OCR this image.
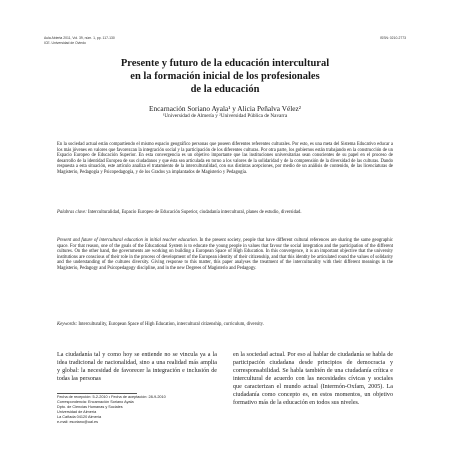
Aula Abierta 2011, Vol. 39, núm. 1, pp. 117-130
ICE. Universidad de Oviedo
ISSN: 0210-2773
Presente y futuro de la educación intercultural
en la formación inicial de los profesionales
de la educación
Encarnación Soriano Ayala¹ y Alicia Peñalva Vélez²
¹Universidad de Almería y ²Universidad Pública de Navarra

En la sociedad actual están compartiendo el mismo espacio geográfico personas que poseen diferentes referentes culturales. Por esto, es una meta del Sistema Educativo educar a los más jóvenes en valores que favorezcan la integración social y la participación de los diferentes culturas. Por otra parte, los gobiernos están trabajando en la construcción de un Espacio Europeo de Educación Superior. En esta convergencia es un objetivo importante que las instituciones universitarias sean conscientes de su papel en el proceso de desarrollo de la identidad Europea de sus ciudadanos y que ésta sea articulada en torno a los valores de la solidaridad y de la comprensión de la diversidad de las culturas. Dando respuesta a esta situación, este artículo analiza el tratamiento de la interculturalidad, con sus distintas acepciones, por medio de un análisis de contenido, de las licenciaturas de Magisterio, Pedagogía y Psicopedagogía, y de los Grados ya implantados de Magisterio y Pedagogía.

Palabras clave: Interculturalidad, Espacio Europeo de Educación Superior, ciudadanía intercultural, planes de estudio, diversidad.

Present and future of intercultural education in initial teacher education. In the present society, people that have different cultural references are sharing the same geographic space. For that reason, one of the goals of the Educational System is to educate the young people in values that favour the social integration and the participation of the different cultures. On the other hand, the governments are working on building a European Space of High Education. In this convergence, it is an important objective that the university institutions are conscious of their role in the process of development of the European identity of their citizenship, and that this identity be articulated round the values of solidarity and the understanding of the cultures diversity. Giving response to this matter, this paper analyses the treatment of the interculturality with their different meanings in the Magisterio, Pedagogy and Psicopedagogy discipline, and in the new Degrees of Magisterio and Pedagogy.

Keywords: Interculturality, European Space of High Education, intercultural citizenship, curriculum, diversity.

La ciudadanía tal y como hoy se entiende no se vincula ya a la idea tradicional de nacionalidad, sino a una realidad más amplia y global: la necesidad de favorecer la integración e inclusión de todas las personas

en la sociedad actual. Por eso al hablar de ciudadanía se habla de participación ciudadana desde principios de democracia y corresponsabilidad. Se habla también de una ciudadanía crítica e intercultural de acuerdo con las necesidades cívicas y sociales que caracterizan el mundo actual (Intermón-Oxfam, 2005). La ciudadanía como concepto es, en estos momentos, un objetivo formativo más de la educación en todos sus niveles.

Fecha de recepción: 5-2-2010 • Fecha de aceptación: 28-9-2010
Correspondencia: Encarnación Soriano Ayala
Dpto. de Ciencias Humanas y Sociales
Universidad de Almería
La Cañada 04120 Almería
e-mail: esoriano@ual.es
